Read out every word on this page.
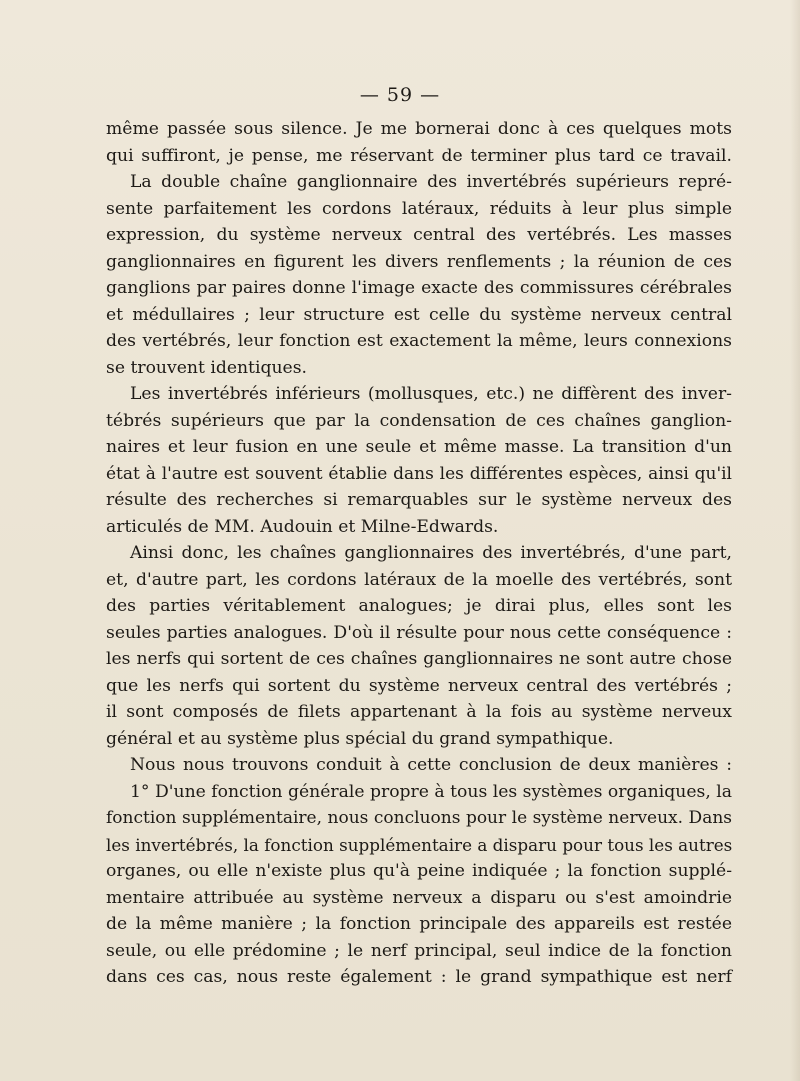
— 59 —
même passée sous silence. Je me bornerai donc à ces quelques mots
qui suffiront, je pense, me réservant de terminer plus tard ce travail.
La double chaîne ganglionnaire des invertébrés supérieurs repré-
sente parfaitement les cordons latéraux, réduits à leur plus simple
expression, du système nerveux central des vertébrés. Les masses
ganglionnaires en figurent les divers renflements ; la réunion de ces
ganglions par paires donne l'image exacte des commissures cérébrales
et médullaires ; leur structure est celle du système nerveux central
des vertébrés, leur fonction est exactement la même, leurs connexions
se trouvent identiques.
Les invertébrés inférieurs (mollusques, etc.) ne diffèrent des inver-
tébrés supérieurs que par la condensation de ces chaînes ganglion-
naires et leur fusion en une seule et même masse. La transition d'un
état à l'autre est souvent établie dans les différentes espèces, ainsi qu'il
résulte des recherches si remarquables sur le système nerveux des
articulés de MM. Audouin et Milne-Edwards.
Ainsi donc, les chaînes ganglionnaires des invertébrés, d'une part,
et, d'autre part, les cordons latéraux de la moelle des vertébrés, sont
des parties véritablement analogues; je dirai plus, elles sont les
seules parties analogues. D'où il résulte pour nous cette conséquence :
les nerfs qui sortent de ces chaînes ganglionnaires ne sont autre chose
que les nerfs qui sortent du système nerveux central des vertébrés ;
il sont composés de filets appartenant à la fois au système nerveux
général et au système plus spécial du grand sympathique.
Nous nous trouvons conduit à cette conclusion de deux manières :
1° D'une fonction générale propre à tous les systèmes organiques, la
fonction supplémentaire, nous concluons pour le système nerveux. Dans
les invertébrés, la fonction supplémentaire a disparu pour tous les autres
organes, ou elle n'existe plus qu'à peine indiquée ; la fonction supplé-
mentaire attribuée au système nerveux a disparu ou s'est amoindrie
de la même manière ; la fonction principale des appareils est restée
seule, ou elle prédomine ; le nerf principal, seul indice de la fonction
dans ces cas, nous reste également : le grand sympathique est nerf
